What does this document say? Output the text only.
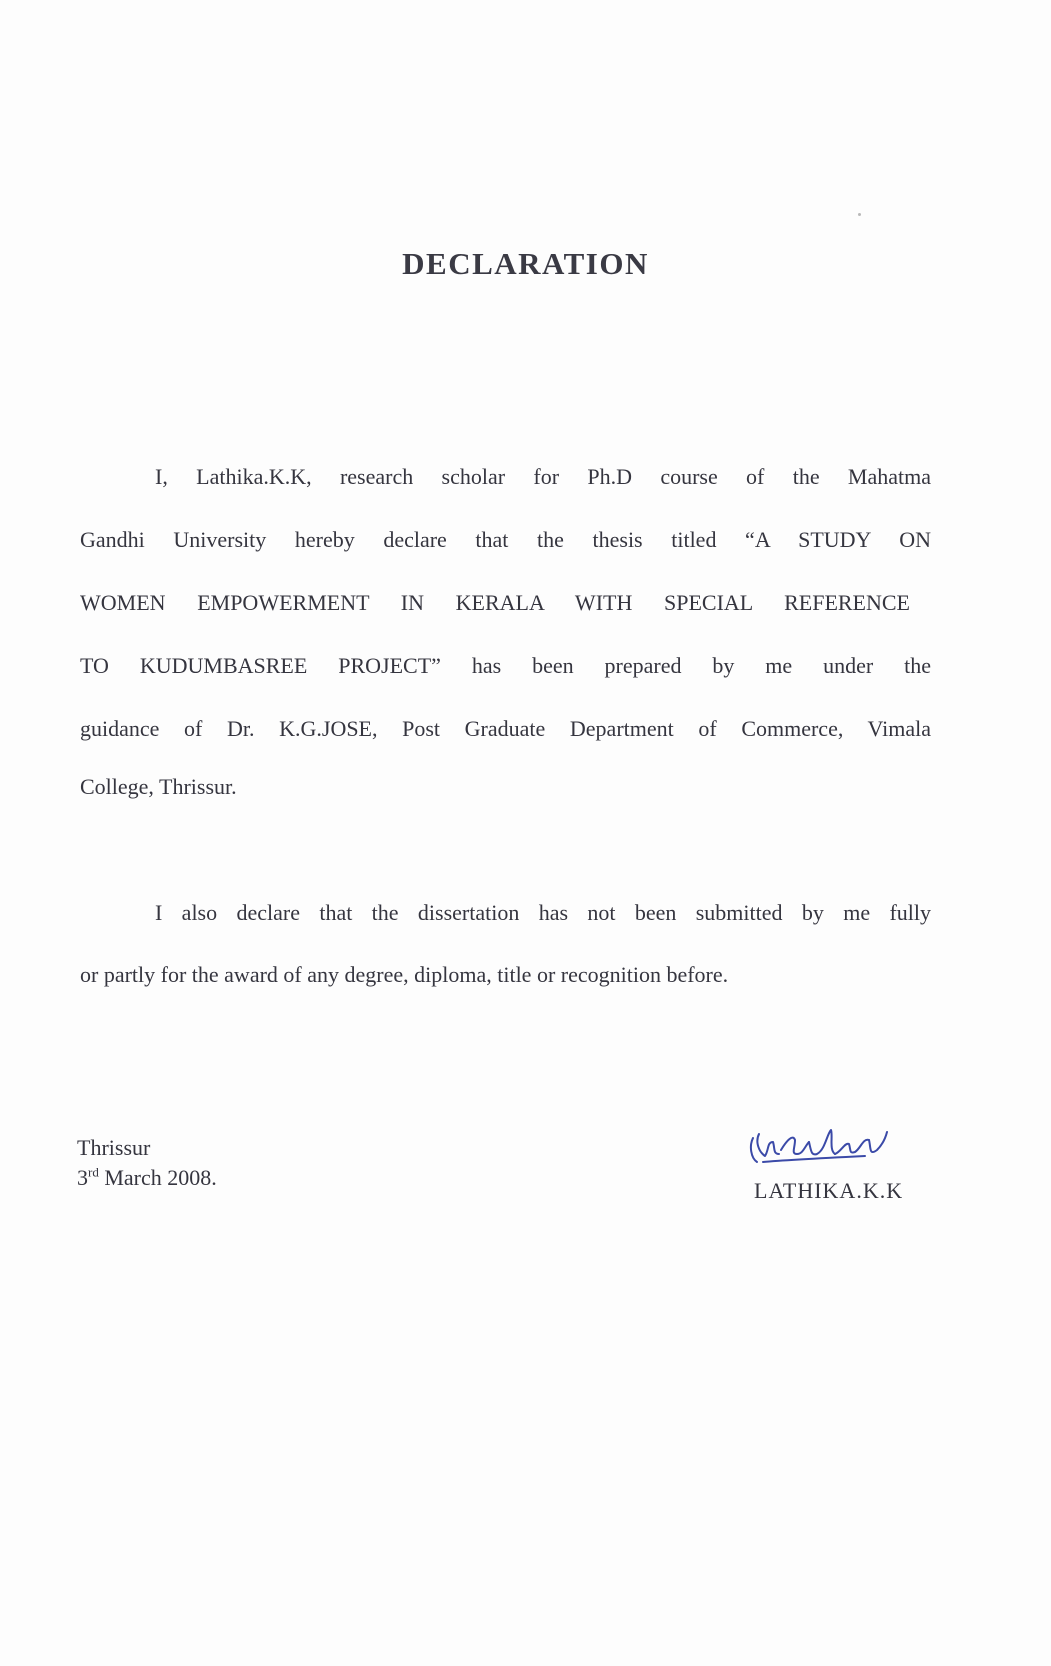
DECLARATION
I, Lathika.K.K, research scholar for Ph.D course of the Mahatma
Gandhi University hereby declare that the thesis titled “A STUDY ON
WOMEN EMPOWERMENT IN KERALA WITH SPECIAL REFERENCE
TO KUDUMBASREE PROJECT” has been prepared by me under the
guidance of Dr. K.G.JOSE, Post Graduate Department of Commerce, Vimala
College, Thrissur.
I also declare that the dissertation has not been submitted by me fully
or partly for the award of any degree, diploma, title or recognition before.
Thrissur
3rd March 2008.
LATHIKA.K.K
